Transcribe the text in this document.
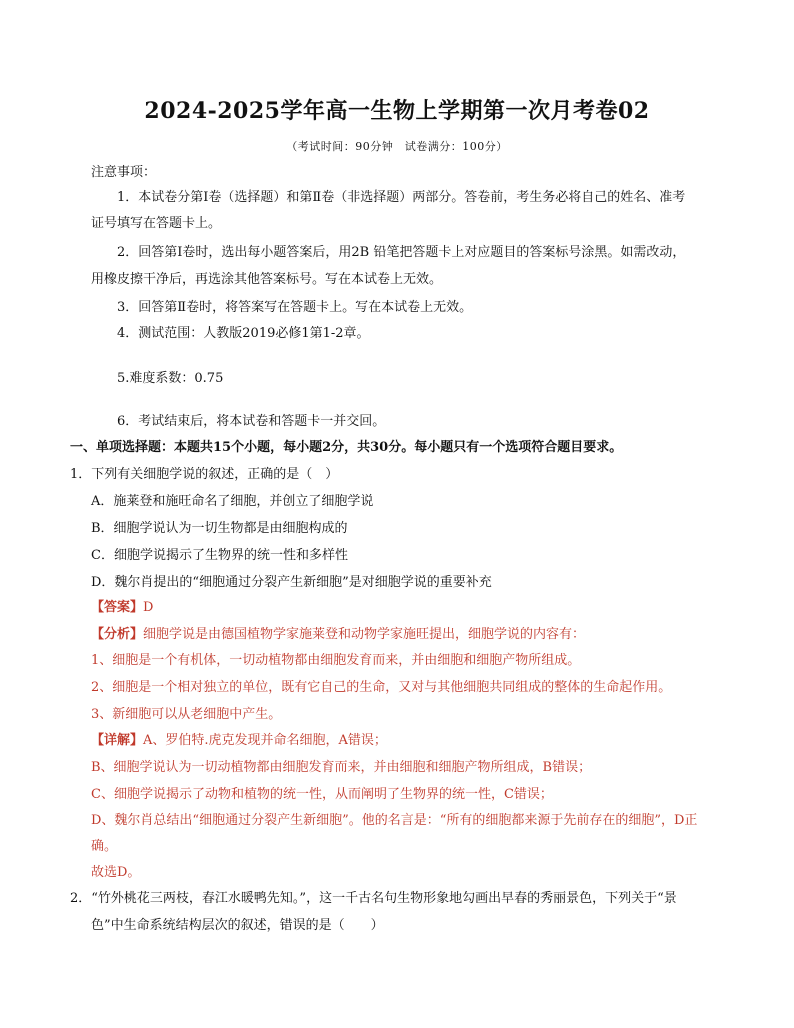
2024-2025学年高一生物上学期第一次月考卷02
（考试时间：90分钟　试卷满分：100分）
注意事项：
1．本试卷分第Ⅰ卷（选择题）和第Ⅱ卷（非选择题）两部分。答卷前，考生务必将自己的姓名、准考
证号填写在答题卡上。
2．回答第Ⅰ卷时，选出每小题答案后，用2B 铅笔把答题卡上对应题目的答案标号涂黑。如需改动，
用橡皮擦干净后，再选涂其他答案标号。写在本试卷上无效。
3．回答第Ⅱ卷时，将答案写在答题卡上。写在本试卷上无效。
4．测试范围：人教版2019必修1第1-2章。
5.难度系数：0.75
6．考试结束后，将本试卷和答题卡一并交回。
一、单项选择题：本题共15个小题，每小题2分，共30分。每小题只有一个选项符合题目要求。
1．下列有关细胞学说的叙述，正确的是（　）
A．施莱登和施旺命名了细胞，并创立了细胞学说
B．细胞学说认为一切生物都是由细胞构成的
C．细胞学说揭示了生物界的统一性和多样性
D．魏尔肖提出的“细胞通过分裂产生新细胞”是对细胞学说的重要补充
【答案】D
【分析】细胞学说是由德国植物学家施莱登和动物学家施旺提出，细胞学说的内容有：
1、细胞是一个有机体，一切动植物都由细胞发育而来，并由细胞和细胞产物所组成。
2、细胞是一个相对独立的单位，既有它自己的生命，又对与其他细胞共同组成的整体的生命起作用。
3、新细胞可以从老细胞中产生。
【详解】A、罗伯特.虎克发现并命名细胞，A错误；
B、细胞学说认为一切动植物都由细胞发育而来，并由细胞和细胞产物所组成，B错误；
C、细胞学说揭示了动物和植物的统一性，从而阐明了生物界的统一性，C错误；
D、魏尔肖总结出“细胞通过分裂产生新细胞”。他的名言是：“所有的细胞都来源于先前存在的细胞”，D正
确。
故选D。
2．“竹外桃花三两枝，春江水暖鸭先知。”，这一千古名句生物形象地勾画出早春的秀丽景色，下列关于“景
色”中生命系统结构层次的叙述，错误的是（　　）
